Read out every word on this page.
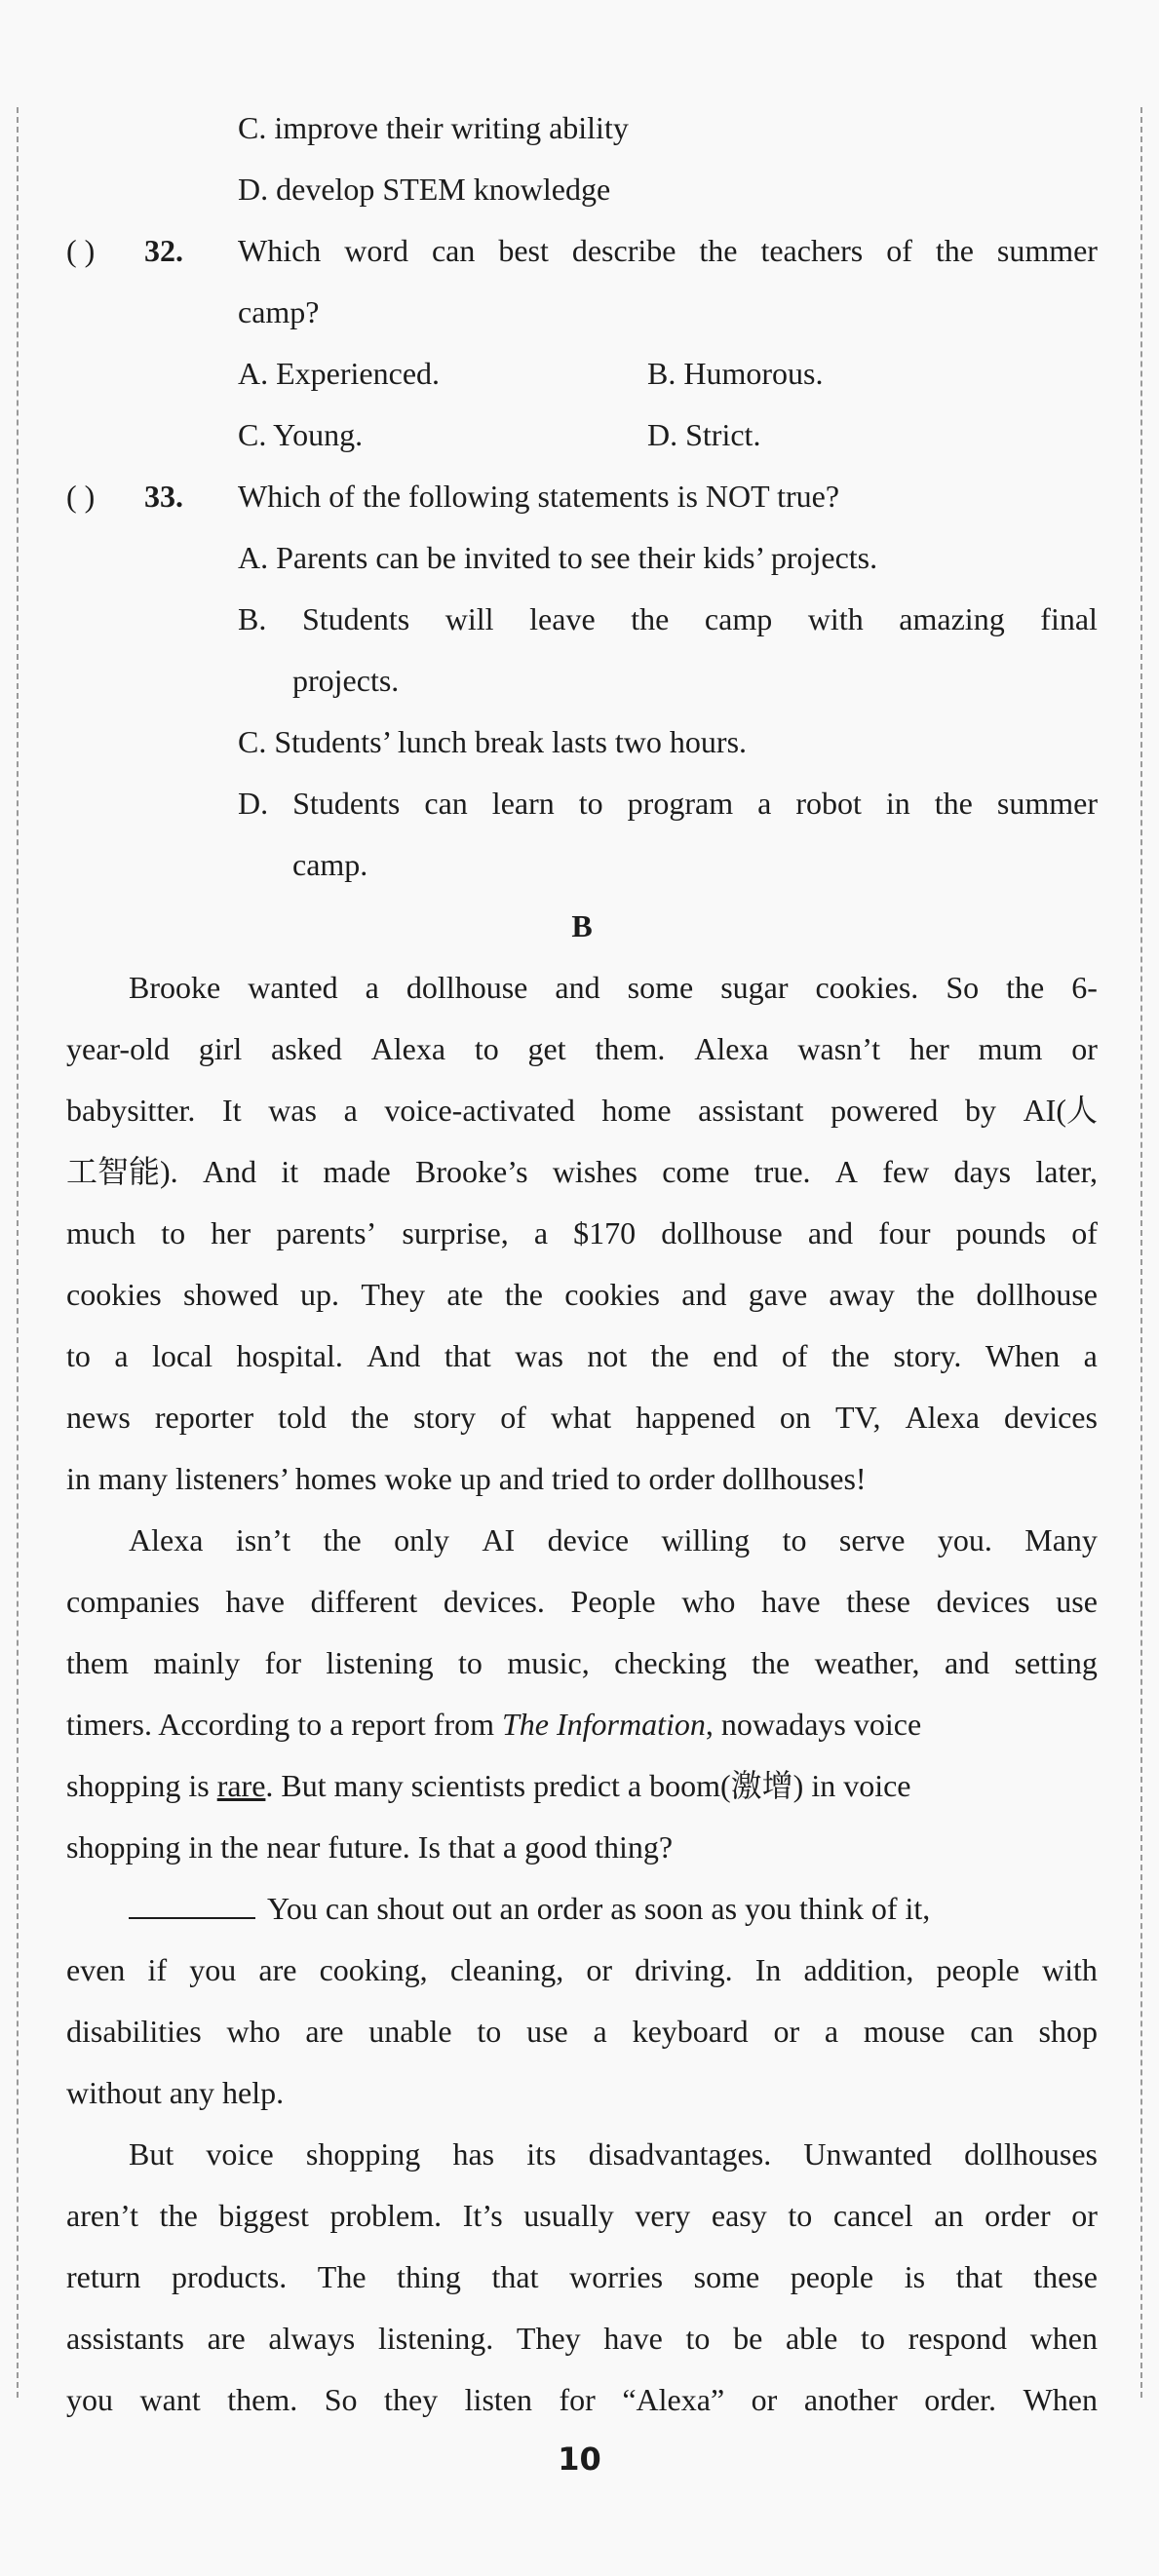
C. improve their writing ability
D. develop STEM knowledge
( )	32.	Which word can best describe the teachers of the summer
camp?
A. Experienced.	B. Humorous.
C. Young.	D. Strict.
( )	33.	Which of the following statements is NOT true?
A. Parents can be invited to see their kids’ projects.
B. Students will leave the camp with amazing final
projects.
C. Students’ lunch break lasts two hours.
D. Students can learn to program a robot in the summer
camp.
B
Brooke wanted a dollhouse and some sugar cookies. So the 6-
year-old girl asked Alexa to get them. Alexa wasn’t her mum or
babysitter. It was a voice-activated home assistant powered by AI(人
工智能). And it made Brooke’s wishes come true. A few days later,
much to her parents’ surprise, a $170 dollhouse and four pounds of
cookies showed up. They ate the cookies and gave away the dollhouse
to a local hospital. And that was not the end of the story. When a
news reporter told the story of what happened on TV, Alexa devices
in many listeners’ homes woke up and tried to order dollhouses!
Alexa isn’t the only AI device willing to serve you. Many
companies have different devices. People who have these devices use
them mainly for listening to music, checking the weather, and setting
timers. According to a report from The Information, nowadays voice
shopping is rare. But many scientists predict a boom(激增) in voice
shopping in the near future. Is that a good thing?
You can shout out an order as soon as you think of it,
even if you are cooking, cleaning, or driving. In addition, people with
disabilities who are unable to use a keyboard or a mouse can shop
without any help.
But voice shopping has its disadvantages. Unwanted dollhouses
aren’t the biggest problem. It’s usually very easy to cancel an order or
return products. The thing that worries some people is that these
assistants are always listening. They have to be able to respond when
you want them. So they listen for “Alexa” or another order. When
10
